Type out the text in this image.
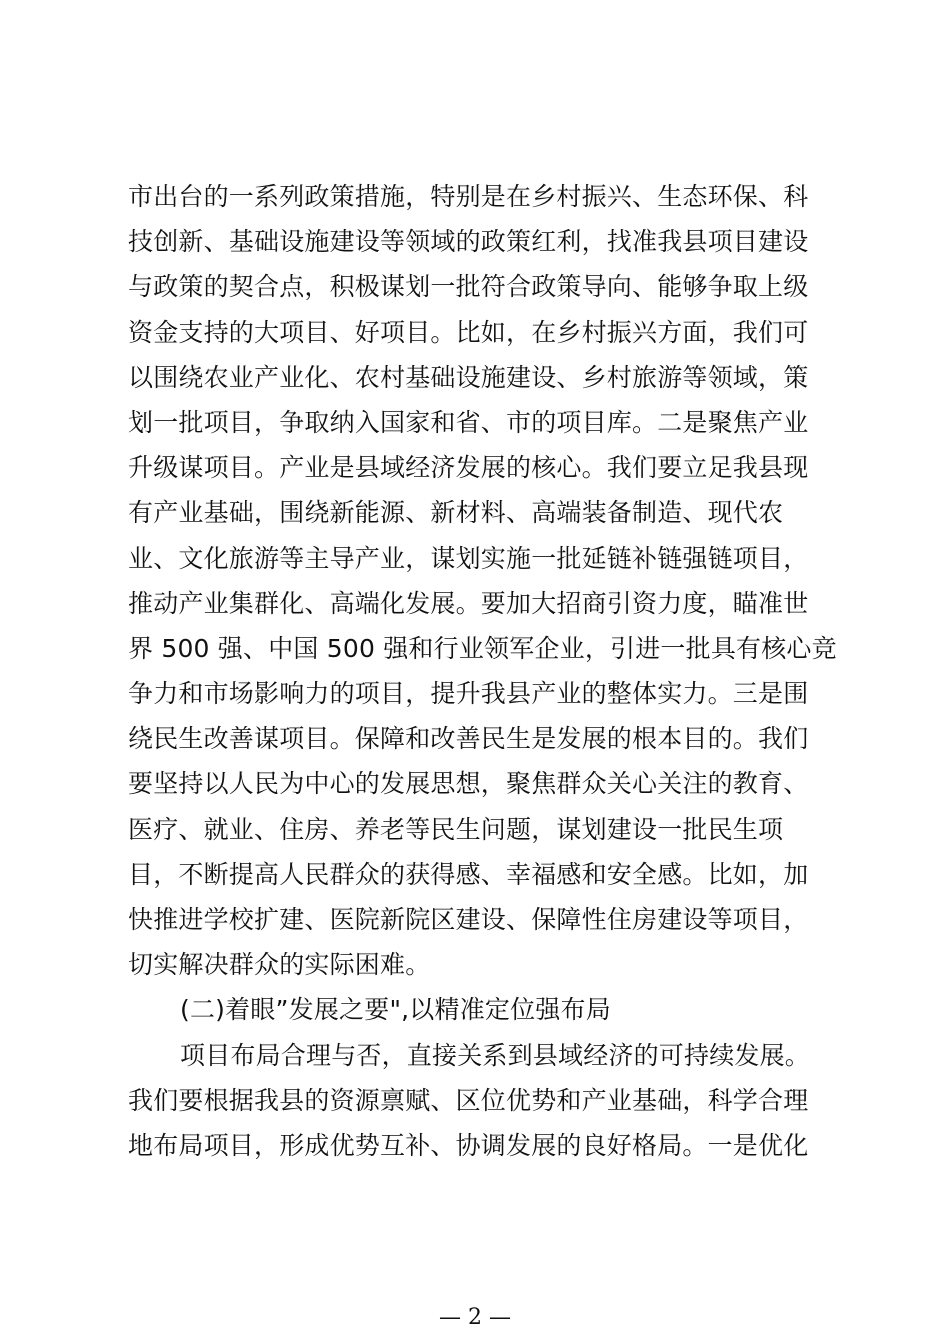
市出台的一系列政策措施，特别是在乡村振兴、生态环保、科
技创新、基础设施建设等领域的政策红利，找准我县项目建设
与政策的契合点，积极谋划一批符合政策导向、能够争取上级
资金支持的大项目、好项目。比如，在乡村振兴方面，我们可
以围绕农业产业化、农村基础设施建设、乡村旅游等领域，策
划一批项目，争取纳入国家和省、市的项目库。二是聚焦产业
升级谋项目。产业是县域经济发展的核心。我们要立足我县现
有产业基础，围绕新能源、新材料、高端装备制造、现代农
业、文化旅游等主导产业，谋划实施一批延链补链强链项目，
推动产业集群化、高端化发展。要加大招商引资力度，瞄准世
界 500 强、中国 500 强和行业领军企业，引进一批具有核心竞
争力和市场影响力的项目，提升我县产业的整体实力。三是围
绕民生改善谋项目。保障和改善民生是发展的根本目的。我们
要坚持以人民为中心的发展思想，聚焦群众关心关注的教育、
医疗、就业、住房、养老等民生问题，谋划建设一批民生项
目，不断提高人民群众的获得感、幸福感和安全感。比如，加
快推进学校扩建、医院新院区建设、保障性住房建设等项目，
切实解决群众的实际困难。
(二)着眼”发展之要",以精准定位强布局
项目布局合理与否，直接关系到县域经济的可持续发展。
我们要根据我县的资源禀赋、区位优势和产业基础，科学合理
地布局项目，形成优势互补、协调发展的良好格局。一是优化
— 2 —
